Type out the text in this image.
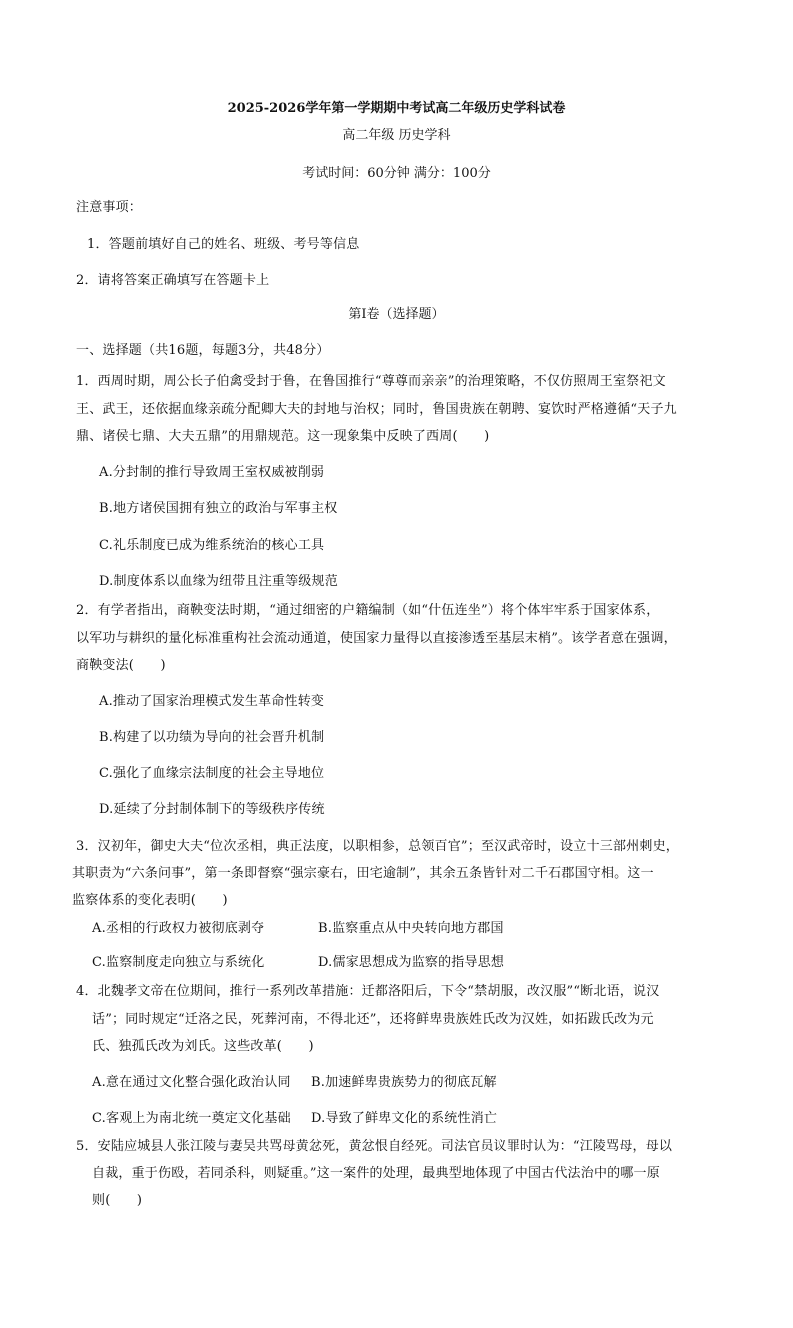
2025-2026学年第一学期期中考试高二年级历史学科试卷
高二年级 历史学科
考试时间：60分钟 满分：100分
注意事项：
1．答题前填好自己的姓名、班级、考号等信息
2．请将答案正确填写在答题卡上
第I卷（选择题）
一、选择题（共16题，每题3分，共48分）
1．西周时期，周公长子伯禽受封于鲁，在鲁国推行“尊尊而亲亲”的治理策略，不仅仿照周王室祭祀文
王、武王，还依据血缘亲疏分配卿大夫的封地与治权；同时，鲁国贵族在朝聘、宴饮时严格遵循“天子九
鼎、诸侯七鼎、大夫五鼎”的用鼎规范。这一现象集中反映了西周(　　)
A.分封制的推行导致周王室权威被削弱
B.地方诸侯国拥有独立的政治与军事主权
C.礼乐制度已成为维系统治的核心工具
D.制度体系以血缘为纽带且注重等级规范
2．有学者指出，商鞅变法时期，“通过细密的户籍编制（如“什伍连坐”）将个体牢牢系于国家体系，
以军功与耕织的量化标准重构社会流动通道，使国家力量得以直接渗透至基层末梢”。该学者意在强调，
商鞅变法(　　)
A.推动了国家治理模式发生革命性转变
B.构建了以功绩为导向的社会晋升机制
C.强化了血缘宗法制度的社会主导地位
D.延续了分封制体制下的等级秩序传统
3．汉初年，御史大夫“位次丞相，典正法度，以职相参，总领百官”；至汉武帝时，设立十三部州刺史，
其职责为“六条问事”，第一条即督察“强宗豪右，田宅逾制”，其余五条皆针对二千石郡国守相。这一
监察体系的变化表明(　　)
A.丞相的行政权力被彻底剥夺	B.监察重点从中央转向地方郡国
C.监察制度走向独立与系统化	D.儒家思想成为监察的指导思想
4．北魏孝文帝在位期间，推行一系列改革措施：迁都洛阳后，下令“禁胡服，改汉服”“断北语，说汉
话”；同时规定“迁洛之民，死葬河南，不得北还”，还将鲜卑贵族姓氏改为汉姓，如拓跋氏改为元
氏、独孤氏改为刘氏。这些改革(　　)
A.意在通过文化整合强化政治认同 B.加速鲜卑贵族势力的彻底瓦解
C.客观上为南北统一奠定文化基础 D.导致了鲜卑文化的系统性消亡
5．安陆应城县人张江陵与妻吴共骂母黄忿死，黄忿恨自经死。司法官员议罪时认为：“江陵骂母，母以
自裁，重于伤殴，若同杀科，则疑重。”这一案件的处理，最典型地体现了中国古代法治中的哪一原
则(　　)
